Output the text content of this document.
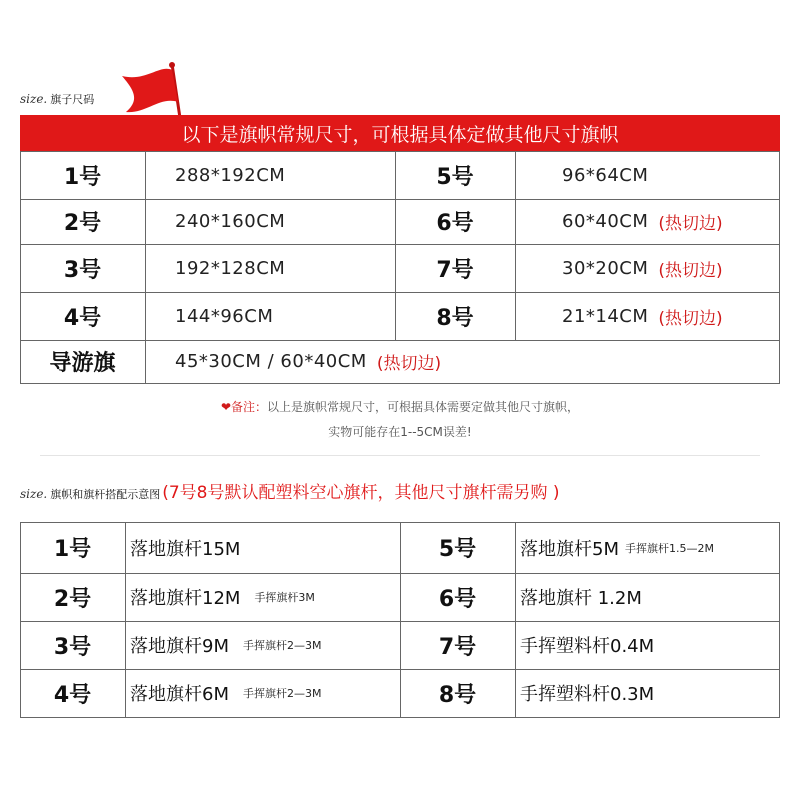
size. 旗子尺码
以下是旗帜常规尺寸，可根据具体定做其他尺寸旗帜
1号	288*192CM	5号	96*64CM
2号	240*160CM	6号	60*40CM (热切边)
3号	192*128CM	7号	30*20CM (热切边)
4号	144*96CM	8号	21*14CM (热切边)
导游旗	45*30CM / 60*40CM (热切边)
❤备注：以上是旗帜常规尺寸，可根据具体需要定做其他尺寸旗帜，
实物可能存在1--5CM误差!
size. 旗帜和旗杆搭配示意图 (7号8号默认配塑料空心旗杆，其他尺寸旗杆需另购 )
1号	落地旗杆15M	5号	落地旗杆5M 手挥旗杆1.5—2M
2号	落地旗杆12M 手挥旗杆3M	6号	落地旗杆 1.2M
3号	落地旗杆9M 手挥旗杆2—3M	7号	手挥塑料杆0.4M
4号	落地旗杆6M 手挥旗杆2—3M	8号	手挥塑料杆0.3M
